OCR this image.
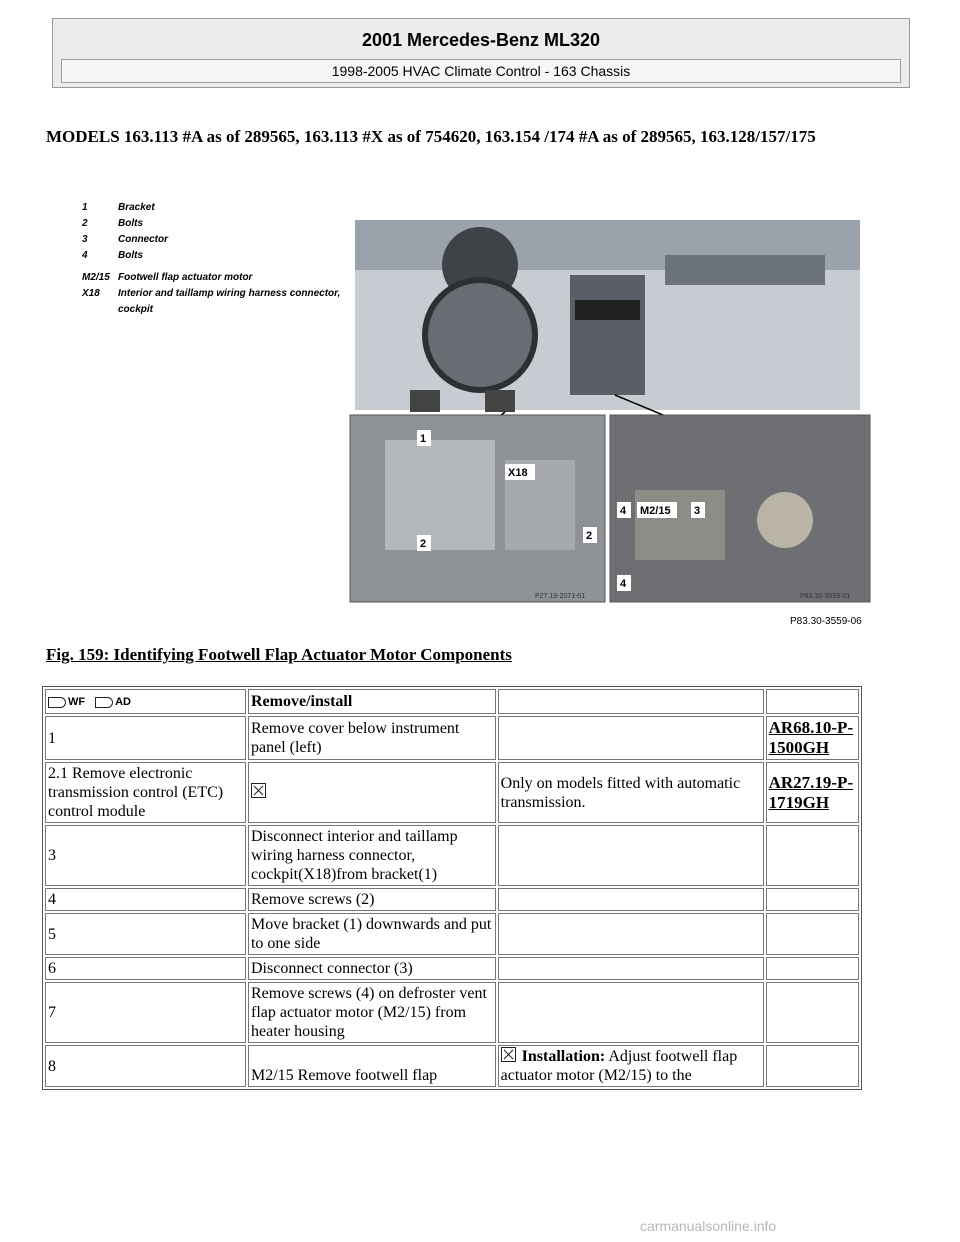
2001 Mercedes-Benz ML320
1998-2005 HVAC Climate Control - 163 Chassis
MODELS 163.113 #A as of 289565, 163.113 #X as of 754620, 163.154 /174 #A as of 289565, 163.128/157/175
1	Bracket
2	Bolts
3	Connector
4	Bolts
M2/15 Footwell flap actuator motor
X18	Interior and taillamp wiring harness connector, cockpit
1
X18
2
2
4 M2/15 3
4
P27.19-2071-01	P83.30-3559-01
P83.30-3559-06
Fig. 159: Identifying Footwell Flap Actuator Motor Components
WF AD	Remove/install		
1	Remove cover below instrument panel (left)		AR68.10-P-1500GH
2.1 Remove electronic transmission control (ETC) control module		Only on models fitted with automatic transmission.	AR27.19-P-1719GH
3	Disconnect interior and taillamp wiring harness connector, cockpit(X18)from bracket(1)		
4	Remove screws (2)		
5	Move bracket (1) downwards and put to one side		
6	Disconnect connector (3)		
7	Remove screws (4) on defroster vent flap actuator motor (M2/15) from heater housing		
8	M2/15 Remove footwell flap	Installation: Adjust footwell flap actuator motor (M2/15) to the	
carmanualsonline.info
